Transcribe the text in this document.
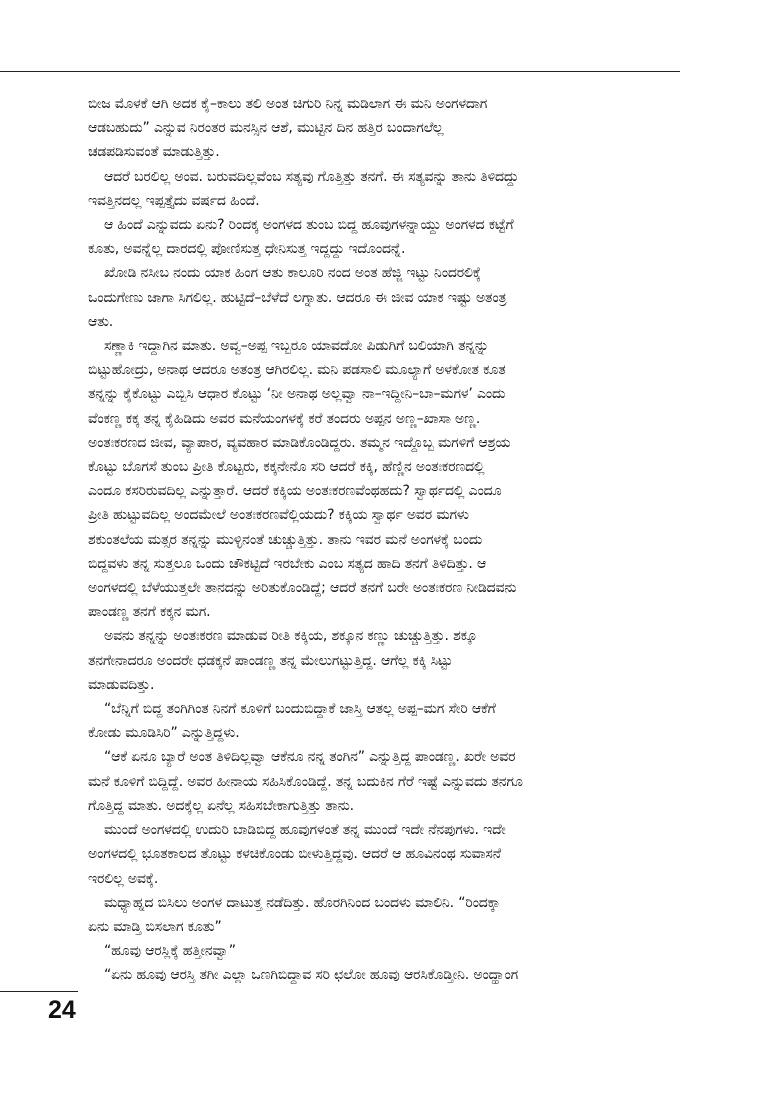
ಬೀಜ ಮೊಳಕೆ ಆಗಿ ಅದಕ ಕೈ–ಕಾಲು ತಲಿ ಅಂತ ಚಿಗುರಿ ನಿನ್ನ ಮಡಿಲಾಗ ಈ ಮನಿ ಅಂಗಳದಾಗ
ಆಡಬಹುದು” ಎನ್ನುವ ನಿರಂತರ ಮನಸ್ಸಿನ ಆಶೆ, ಮುಟ್ಟಿನ ದಿನ ಹತ್ತಿರ ಬಂದಾಗಲೆಲ್ಲ
ಚಡಪಡಿಸುವಂತೆ ಮಾಡುತ್ತಿತ್ತು.
ಆದರೆ ಬರಲಿಲ್ಲ ಅಂವ. ಬರುವದಿಲ್ಲವೆಂಬ ಸತ್ಯವು ಗೊತ್ತಿತ್ತು ತನಗೆ. ಈ ಸತ್ಯವನ್ನು ತಾನು ತಿಳಿದದ್ದು
ಇವತ್ತಿನದಲ್ಲ ಇಪ್ಪತ್ತೈದು ವರ್ಷದ ಹಿಂದೆ.
ಆ ಹಿಂದೆ ಎನ್ನುವದು ಏನು? ರಿಂದಕ್ಕ ಅಂಗಳದ ತುಂಬ ಬಿದ್ದ ಹೂವುಗಳನ್ನಾಯ್ದು ಅಂಗಳದ ಕಟ್ಟೆಗೆ
ಕೂತು, ಅವನ್ನೆಲ್ಲ ದಾರದಲ್ಲಿ ಪೋಣಿಸುತ್ತ ಧೇನಿಸುತ್ತ ಇದ್ದದ್ದು ಇದೊಂದನ್ನೆ.
ಖೋಡಿ ನಸೀಬ ನಂದು ಯಾಕ ಹಿಂಗ ಆತು ಕಾಲೂರಿ ನಂದ ಅಂತ ಹೆಜ್ಜಿ ಇಟ್ಟು ನಿಂದರಲಿಕ್ಕೆ
ಒಂದುಗೇಣು ಜಾಗಾ ಸಿಗಲಿಲ್ಲ. ಹುಟ್ಟಿದೆ–ಬೆಳೆದೆ ಲಗ್ನಾತು. ಆದರೂ ಈ ಜೀವ ಯಾಕ ಇಷ್ಟು ಅತಂತ್ರ
ಆತು.
ಸಣ್ಣಾಕಿ ಇದ್ದಾಗಿನ ಮಾತು. ಅವ್ವ–ಅಪ್ಪ ಇಬ್ಬರೂ ಯಾವದೋ ಪಿಡುಗಿಗೆ ಬಲಿಯಾಗಿ ತನ್ನನ್ನು
ಬಿಟ್ಟುಹೋದ್ರು, ಅನಾಥ ಆದರೂ ಅತಂತ್ರ ಆಗಿರಲಿಲ್ಲ. ಮನಿ ಪಡಸಾಲಿ ಮೂಲ್ಯಾಗೆ ಅಳಕೋತ ಕೂತ
ತನ್ನನ್ನು ಕೈಕೊಟ್ಟು ಎಬ್ಬಿಸಿ ಆಧಾರ ಕೊಟ್ಟು ‘ನೀ ಅನಾಥ ಅಲ್ಲವ್ವಾ ನಾ–ಇದ್ದೀನಿ–ಬಾ–ಮಗಳ’ ಎಂದು
ವೆಂಕಣ್ಣ ಕಕ್ಕ ತನ್ನ ಕೈಹಿಡಿದು ಅವರ ಮನೆಯಂಗಳಕ್ಕೆ ಕರೆ ತಂದರು ಅಪ್ಪನ ಅಣ್ಣ–ಖಾಸಾ ಅಣ್ಣ.
ಅಂತಃಕರಣದ ಜೀವ, ವ್ಯಾಪಾರ, ವ್ಯವಹಾರ ಮಾಡಿಕೊಂಡಿದ್ದರು. ತಮ್ಮನ ಇದ್ದೊಬ್ಬ ಮಗಳಿಗೆ ಆಶ್ರಯ
ಕೊಟ್ಟು ಬೊಗಸೆ ತುಂಬ ಪ್ರೀತಿ ಕೊಟ್ಟರು, ಕಕ್ಕನೇನೊ ಸರಿ ಆದರೆ ಕಕ್ಕಿ, ಹೆಣ್ಣಿನ ಅಂತಃಕರಣದಲ್ಲಿ
ಎಂದೂ ಕಸರಿರುವದಿಲ್ಲ ಎನ್ನುತ್ತಾರೆ. ಆದರೆ ಕಕ್ಕಿಯ ಅಂತಃಕರಣವೆಂಥಹದು? ಸ್ವಾರ್ಥದಲ್ಲಿ ಎಂದೂ
ಪ್ರೀತಿ ಹುಟ್ಟುವದಿಲ್ಲ ಅಂದಮೇಲೆ ಅಂತಃಕರಣವೆಲ್ಲಿಯದು? ಕಕ್ಕಿಯ ಸ್ವಾರ್ಥ ಅವರ ಮಗಳು
ಶಕುಂತಲೆಯ ಮತ್ಸರ ತನ್ನನ್ನು ಮುಳ್ಳಿನಂತೆ ಚುಚ್ಚುತ್ತಿತ್ತು. ತಾನು ಇವರ ಮನೆ ಅಂಗಳಕ್ಕೆ ಬಂದು
ಬಿದ್ದವಳು ತನ್ನ ಸುತ್ತಲೂ ಒಂದು ಚೌಕಟ್ಟಿದೆ ಇರಬೇಕು ಎಂಬ ಸತ್ಯದ ಹಾದಿ ತನಗೆ ತಿಳಿದಿತ್ತು. ಆ
ಅಂಗಳದಲ್ಲಿ ಬೆಳೆಯುತ್ತಲೇ ತಾನದನ್ನು ಅರಿತುಕೊಂಡಿದ್ದೆ; ಆದರೆ ತನಗೆ ಬರೇ ಅಂತಃಕರಣ ನೀಡಿದವನು
ಪಾಂಡಣ್ಣ ತನಗೆ ಕಕ್ಕನ ಮಗ.
ಅವನು ತನ್ನನ್ನು ಅಂತಃಕರಣ ಮಾಡುವ ರೀತಿ ಕಕ್ಕಿಯ, ಶಕ್ಕೂನ ಕಣ್ಣು ಚುಚ್ಚುತ್ತಿತ್ತು. ಶಕ್ಕೂ
ತನಗೇನಾದರೂ ಅಂದರೇ ಧಡಕ್ಕನೆ ಪಾಂಡಣ್ಣ ತನ್ನ ಮೇಲುಗಟ್ಟುತ್ತಿದ್ದ. ಆಗೆಲ್ಲ ಕಕ್ಕಿ ಸಿಟ್ಟು
ಮಾಡುವದಿತ್ತು.
“ಬೆನ್ನಿಗೆ ಬಿದ್ದ ತಂಗಿಗಿಂತ ನಿನಗೆ ಕೂಳಿಗೆ ಬಂದುಬಿದ್ದಾಕೆ ಜಾಸ್ತಿ ಆತಲ್ಲ ಅಪ್ಪ–ಮಗ ಸೇರಿ ಆಕೆಗೆ
ಕೋಡು ಮೂಡಿಸಿರಿ” ಎನ್ನುತ್ತಿದ್ದಳು.
“ಆಕೆ ಏನೂ ಬ್ಯಾರೆ ಅಂತ ತಿಳಿದಿಲ್ಲವ್ವಾ ಆಕೆನೂ ನನ್ನ ತಂಗಿನ” ಎನ್ನುತ್ತಿದ್ದ ಪಾಂಡಣ್ಣ. ಖರೇ ಅವರ
ಮನೆ ಕೂಳಿಗೆ ಬಿದ್ದಿದ್ದೆ. ಅವರ ಹೀನಾಯ ಸಹಿಸಿಕೊಂಡಿದ್ದೆ. ತನ್ನ ಬದುಕಿನ ಗೆರೆ ಇಷ್ಟೆ ಎನ್ನುವದು ತನಗೂ
ಗೊತ್ತಿದ್ದ ಮಾತು. ಅದಕ್ಕೆಲ್ಲ ಏನೆಲ್ಲ ಸಹಿಸಬೇಕಾಗುತ್ತಿತ್ತು ತಾನು.
ಮುಂದೆ ಅಂಗಳದಲ್ಲಿ ಉದುರಿ ಬಾಡಿಬಿದ್ದ ಹೂವುಗಳಂತೆ ತನ್ನ ಮುಂದೆ ಇದೇ ನೆನಪುಗಳು. ಇದೇ
ಅಂಗಳದಲ್ಲಿ ಭೂತಕಾಲದ ತೊಟ್ಟು ಕಳಚಿಕೊಂಡು ಬೀಳುತ್ತಿದ್ದವು. ಆದರೆ ಆ ಹೂವಿನಂಥ ಸುವಾಸನೆ
ಇರಲಿಲ್ಲ ಅವಕ್ಕೆ.
ಮಧ್ಯಾಹ್ನದ ಬಿಸಿಲು ಅಂಗಳ ದಾಟುತ್ತ ನಡೆದಿತ್ತು. ಹೊರಗಿನಿಂದ ಬಂದಳು ಮಾಲಿನಿ. “ರಿಂದಕ್ಕಾ
ಏನು ಮಾಡ್ತಿ ಬಿಸಲಾಗ ಕೂತು”
“ಹೂವು ಆರಸ್ಲಿಕ್ಕೆ ಹತ್ತೀನವ್ವಾ”
“ಏನು ಹೂವು ಆರಸ್ತಿ ತಗೀ ಎಲ್ಲಾ ಒಣಗಿಬಿದ್ದಾವ ಸರಿ ಛಲೋ ಹೂವು ಆರಸಿಕೊಡ್ತೀನಿ. ಅಂದ್ಹಾಂಗ
24
